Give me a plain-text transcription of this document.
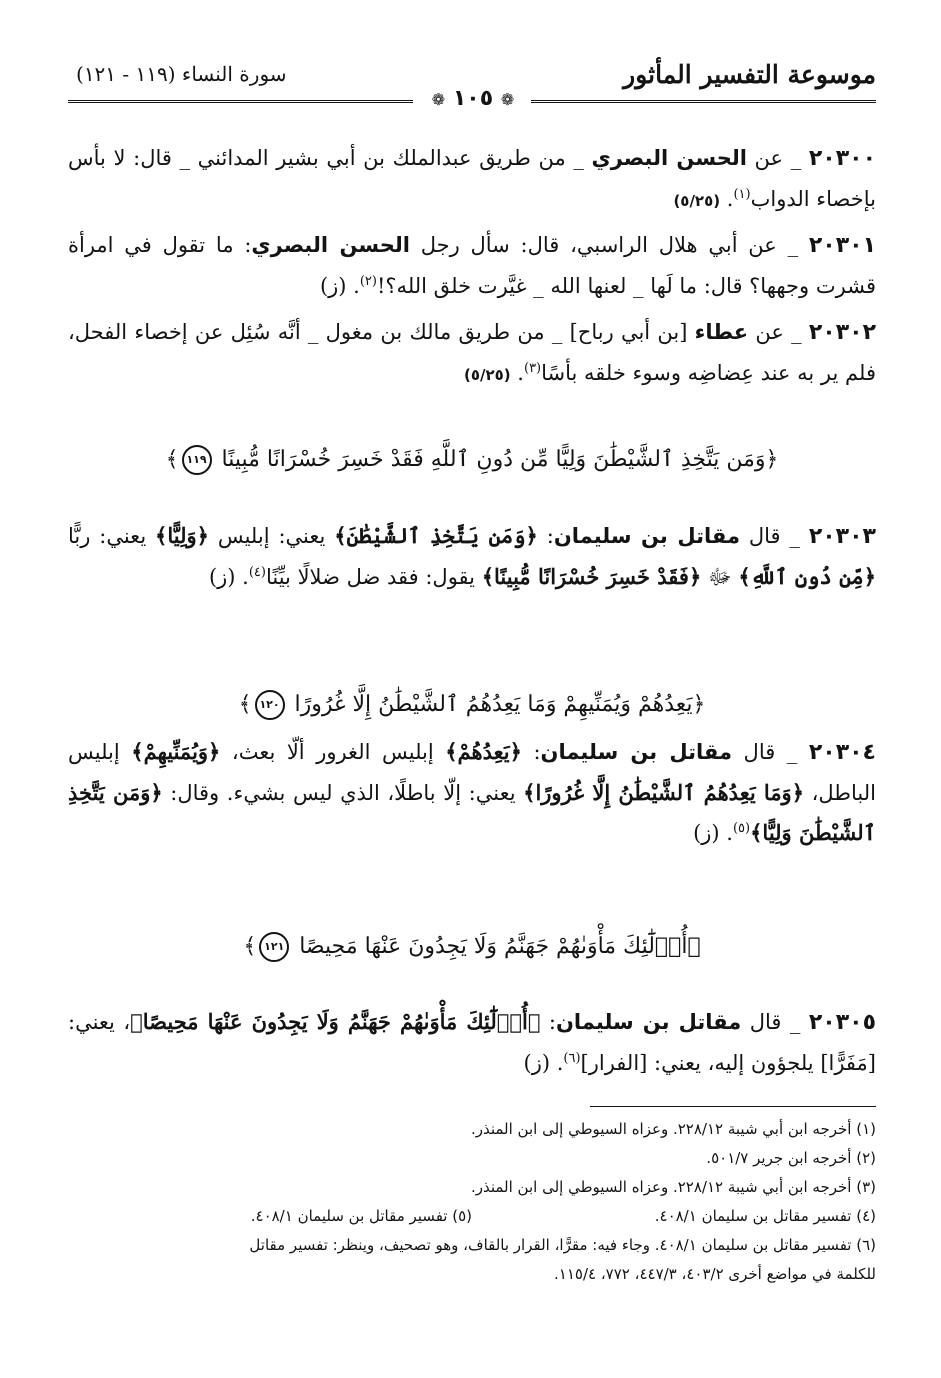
موسوعة التفسير المأثور
سورة النساء (١١٩ - ١٢١)
❁ ١٠٥ ❁
٢٠٣٠٠ _ عن الحسن البصري _ من طريق عبدالملك بن أبي بشير المدائني _ قال: لا بأس بإخصاء الدواب$^{(١)}$. (٥/٢٥)
٢٠٣٠١ _ عن أبي هلال الراسبي، قال: سأل رجل الحسن البصري: ما تقول في امرأة قشرت وجهها؟ قال: ما لَها _ لعنها الله _ غيَّرت خلق الله؟!$^{(٢)}$. (ز)
٢٠٣٠٢ _ عن عطاء [بن أبي رباح] _ من طريق مالك بن مغول _ أنَّه سُئِل عن إخصاء الفحل، فلم ير به عند عِضاضِه وسوء خلقه بأسًا$^{(٣)}$. (٥/٢٥)
﴿وَمَن يَتَّخِذِ ٱلشَّيْطَٰنَ وَلِيًّا مِّن دُونِ ٱللَّهِ فَقَدْ خَسِرَ خُسْرَانًا مُّبِينًا ١١٩﴾
٢٠٣٠٣ _ قال مقاتل بن سليمان: ﴿وَمَن يَتَّخِذِ ٱلشَّيْطَٰنَ﴾ يعني: إبليس ﴿وَلِيًّا﴾ يعني: ربًّا ﴿مِّن دُونِ ٱللَّهِ﴾ ﷻ ﴿فَقَدْ خَسِرَ خُسْرَانًا مُّبِينًا﴾ يقول: فقد ضل ضلالًا بيِّنًا$^{(٤)}$. (ز)
﴿يَعِدُهُمْ وَيُمَنِّيهِمْ وَمَا يَعِدُهُمُ ٱلشَّيْطَٰنُ إِلَّا غُرُورًا ١٢٠﴾
٢٠٣٠٤ _ قال مقاتل بن سليمان: ﴿يَعِدُهُمْ﴾ إبليس الغرور ألّا بعث، ﴿وَيُمَنِّيهِمْ﴾ إبليس الباطل، ﴿وَمَا يَعِدُهُمُ ٱلشَّيْطَٰنُ إِلَّا غُرُورًا﴾ يعني: إلّا باطلًا، الذي ليس بشيء. وقال: ﴿وَمَن يَتَّخِذِ ٱلشَّيْطَٰنَ وَلِيًّا﴾$^{(٥)}$. (ز)
﴿أُو۟لَٰٓئِكَ مَأْوَىٰهُمْ جَهَنَّمُ وَلَا يَجِدُونَ عَنْهَا مَحِيصًا ١٢١﴾
٢٠٣٠٥ _ قال مقاتل بن سليمان: ﴿أُو۟لَٰٓئِكَ مَأْوَىٰهُمْ جَهَنَّمُ وَلَا يَجِدُونَ عَنْهَا مَحِيصًا﴾، يعني: [مَفَرًّا] يلجؤون إليه، يعني: [الفرار]$^{(٦)}$. (ز)
(١) أخرجه ابن أبي شيبة ٢٢٨/١٢. وعزاه السيوطي إلى ابن المنذر.
(٢) أخرجه ابن جرير ٥٠١/٧.
(٣) أخرجه ابن أبي شيبة ٢٢٨/١٢. وعزاه السيوطي إلى ابن المنذر.
(٤) تفسير مقاتل بن سليمان ٤٠٨/١.
(٥) تفسير مقاتل بن سليمان ٤٠٨/١.
(٦) تفسير مقاتل بن سليمان ٤٠٨/١. وجاء فيه: مقرًّا، القرار بالقاف، وهو تصحيف، وينظر: تفسير مقاتل
للكلمة في مواضع أخرى ٤٠٣/٢، ٤٤٧/٣، ٧٧٢، ١١٥/٤.
